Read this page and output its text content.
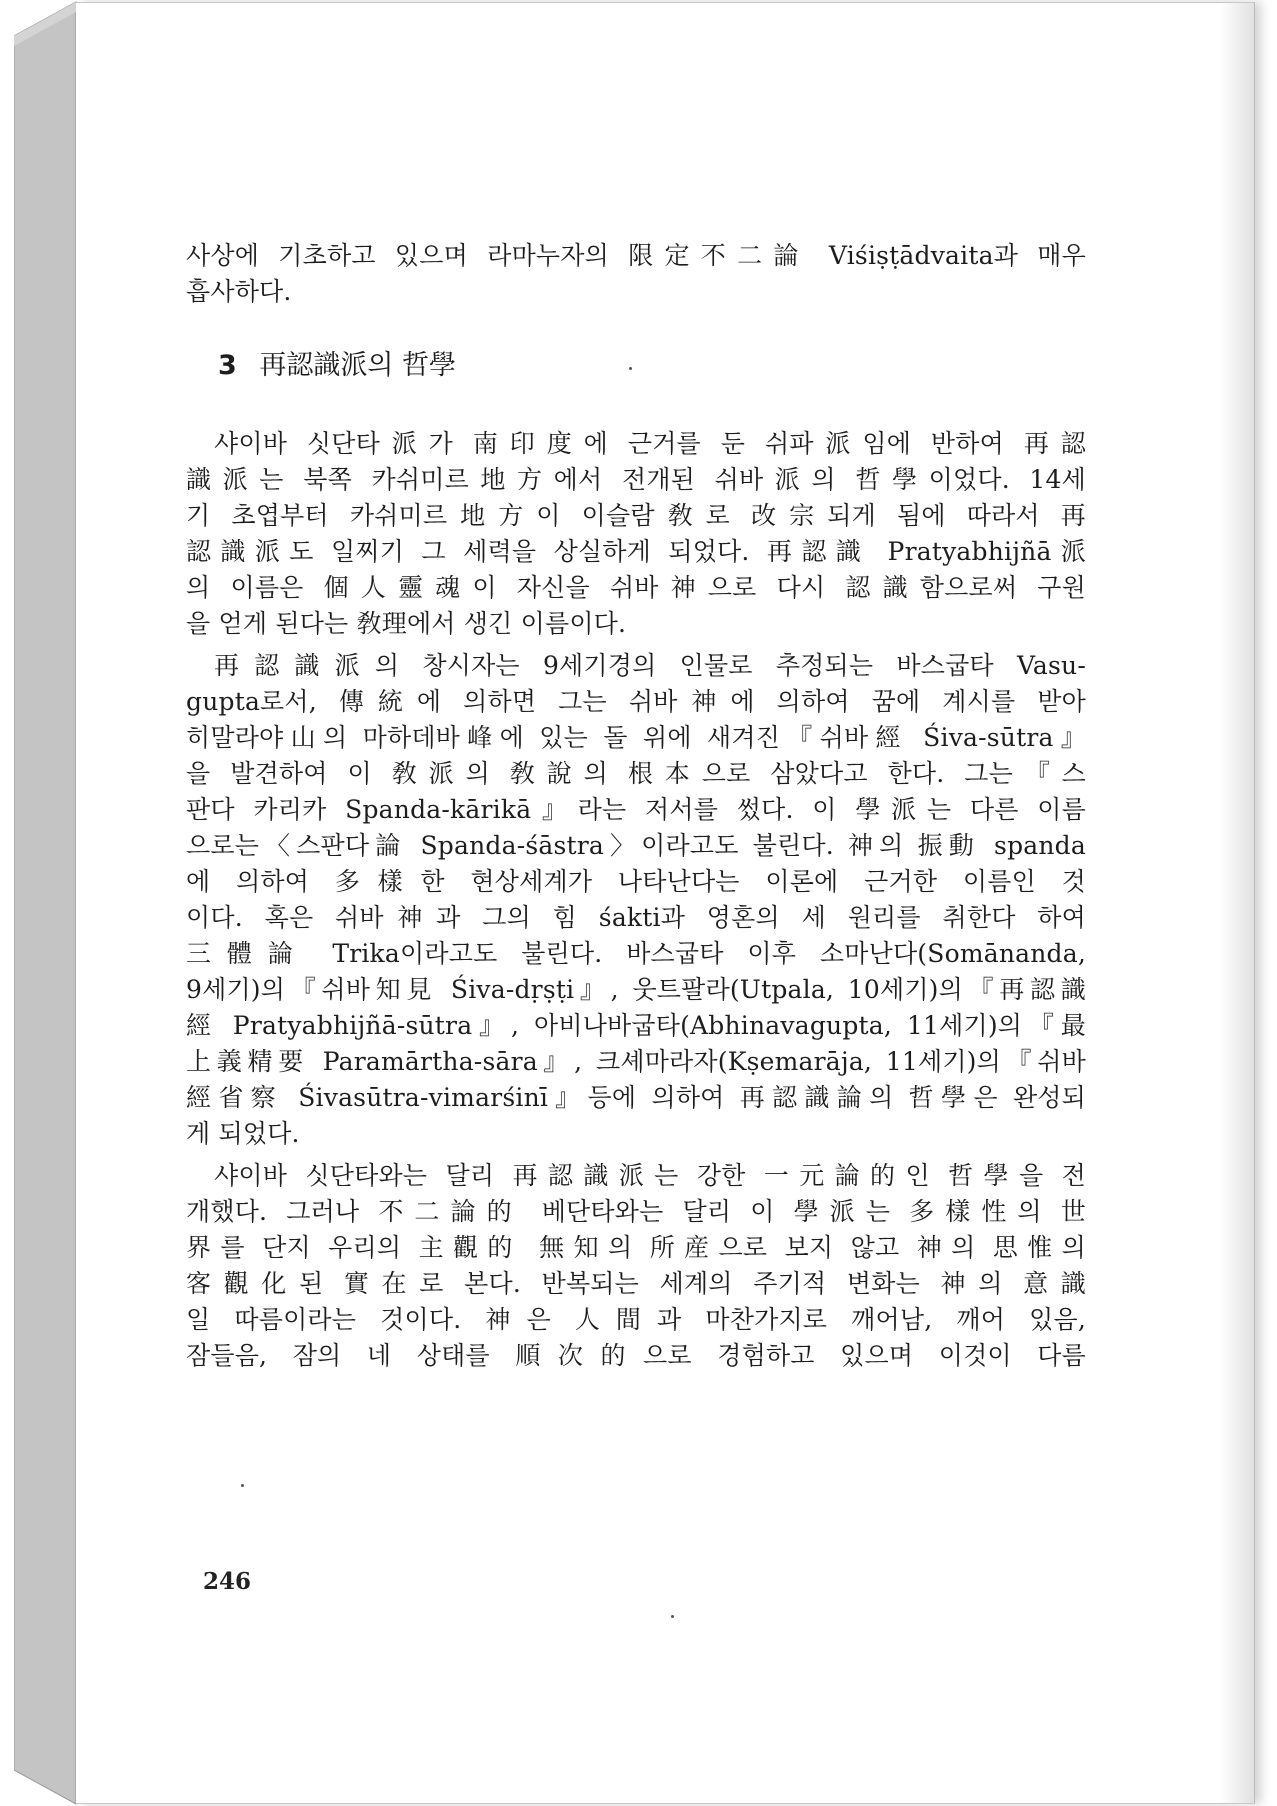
사상에 기초하고 있으며 라마누자의 限定不二論 Viśiṣṭādvaita과 매우
흡사하다.
3 再認識派의 哲學
샤이바 싯단타派가 南印度에 근거를 둔 쉬파派임에 반하여 再認
識派는 북쪽 카쉬미르地方에서 전개된 쉬바派의 哲學이었다. 14세
기 초엽부터 카쉬미르地方이 이슬람敎로 改宗되게 됨에 따라서 再
認識派도 일찌기 그 세력을 상실하게 되었다. 再認識 Pratyabhijñā派
의 이름은 個人靈魂이 자신을 쉬바神으로 다시 認識함으로써 구원
을 얻게 된다는 敎理에서 생긴 이름이다.
再認識派의 창시자는 9세기경의 인물로 추정되는 바스굽타 Vasu-
gupta로서, 傳統에 의하면 그는 쉬바神에 의하여 꿈에 계시를 받아
히말라야山의 마하데바峰에 있는 돌 위에 새겨진『쉬바經 Śiva-sūtra』
을 발견하여 이 敎派의 敎說의 根本으로 삼았다고 한다. 그는『스
판다 카리카 Spanda-kārikā』라는 저서를 썼다. 이 學派는 다른 이름
으로는〈스판다論 Spanda-śāstra〉이라고도 불린다. 神의 振動 spanda
에 의하여 多樣한 현상세계가 나타난다는 이론에 근거한 이름인 것
이다. 혹은 쉬바神과 그의 힘 śakti과 영혼의 세 원리를 취한다 하여
三體論 Trika이라고도 불린다. 바스굽타 이후 소마난다(Somānanda,
9세기)의『쉬바知見 Śiva-dṛṣṭi』, 웃트팔라(Utpala, 10세기)의『再認識
經 Pratyabhijñā-sūtra』, 아비나바굽타(Abhinavagupta, 11세기)의『最
上義精要 Paramārtha-sāra』, 크셰마라자(Kṣemarāja, 11세기)의『쉬바
經省察 Śivasūtra-vimarśinī』등에 의하여 再認識論의 哲學은 완성되
게 되었다.
샤이바 싯단타와는 달리 再認識派는 강한 一元論的인 哲學을 전
개했다. 그러나 不二論的 베단타와는 달리 이 學派는 多樣性의 世
界를 단지 우리의 主觀的 無知의 所産으로 보지 않고 神의 思惟의
客觀化된 實在로 본다. 반복되는 세계의 주기적 변화는 神의 意識
일 따름이라는 것이다. 神은 人間과 마찬가지로 깨어남, 깨어 있음,
잠들음, 잠의 네 상태를 順次的으로 경험하고 있으며 이것이 다름
246
